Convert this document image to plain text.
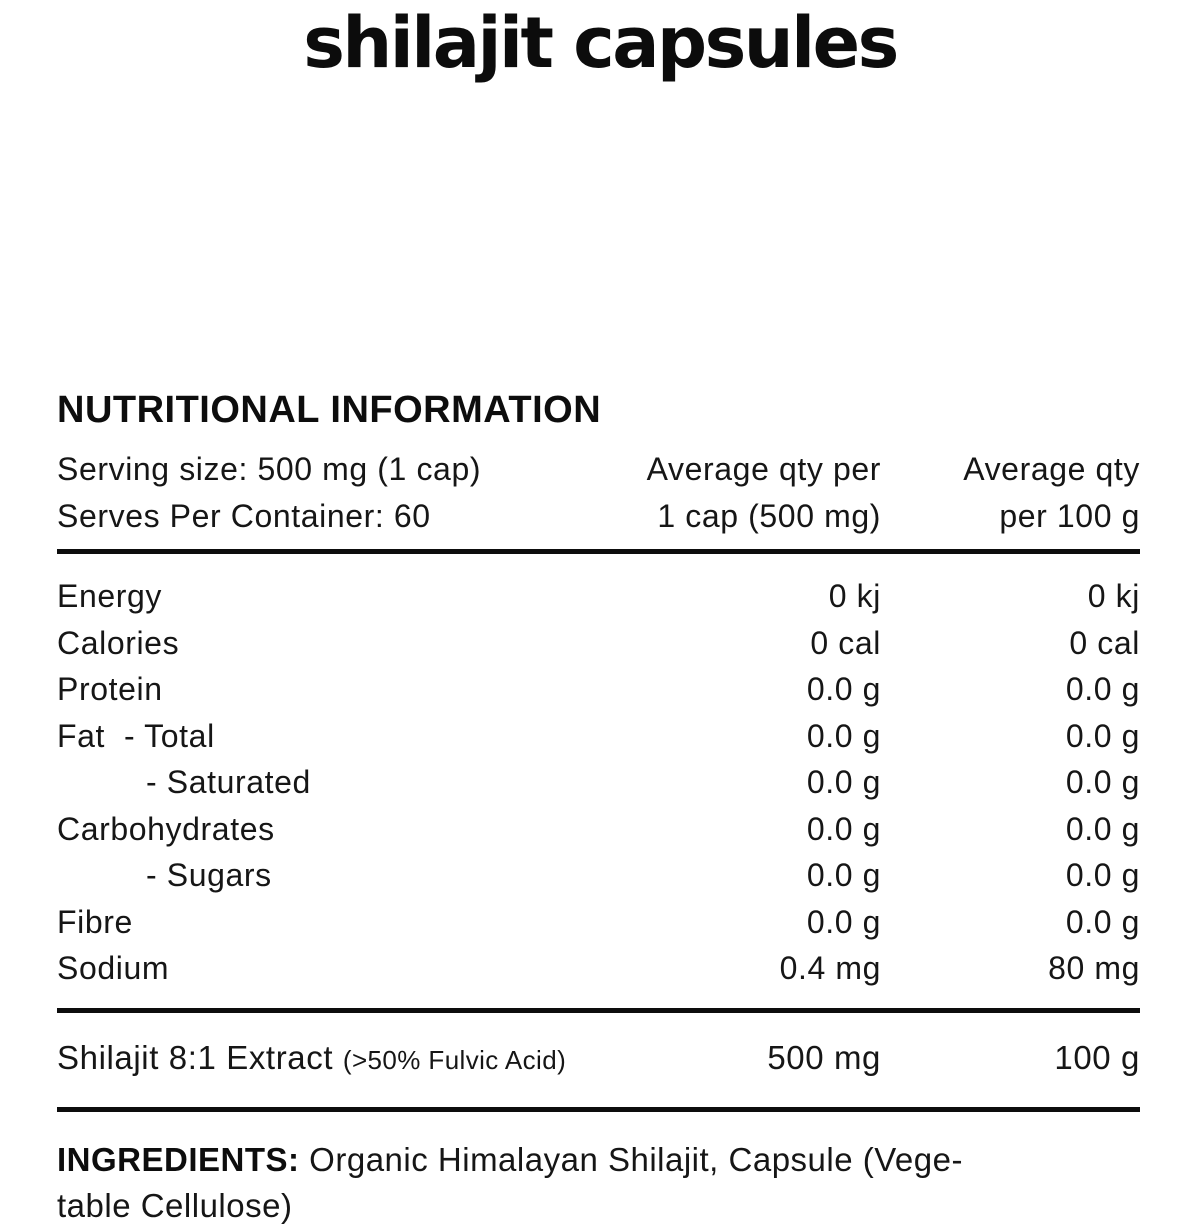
shilajit capsules
NUTRITIONAL INFORMATION
Serving size: 500 mg (1 cap)	Average qty per	Average qty
Serves Per Container: 60	1 cap (500 mg)	per 100 g
Energy	0 kj	0 kj
Calories	0 cal	0 cal
Protein	0.0 g	0.0 g
Fat  - Total	0.0 g	0.0 g
- Saturated	0.0 g	0.0 g
Carbohydrates	0.0 g	0.0 g
- Sugars	0.0 g	0.0 g
Fibre	0.0 g	0.0 g
Sodium	0.4 mg	80 mg
Shilajit 8:1 Extract (>50% Fulvic Acid)	500 mg	100 g
INGREDIENTS: Organic Himalayan Shilajit, Capsule (Vege-
table Cellulose)
